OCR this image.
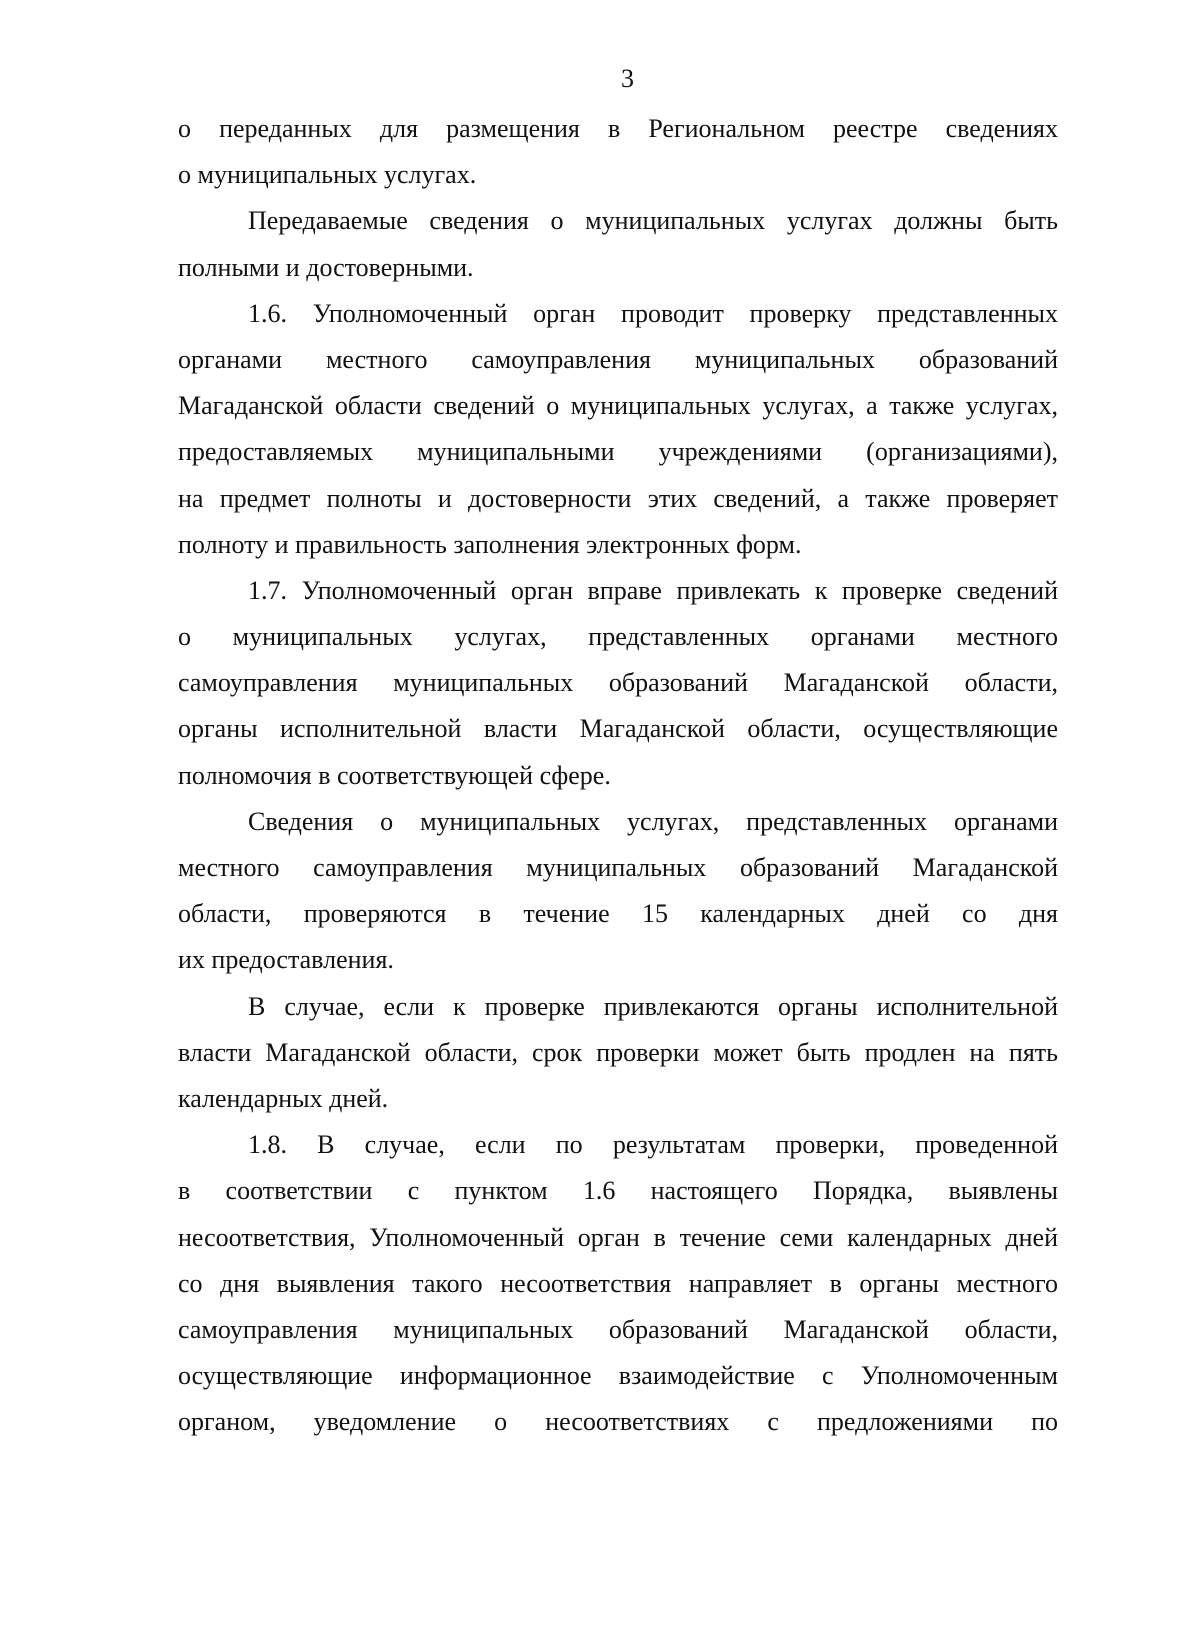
3
о переданных для размещения в Региональном реестре сведениях
о муниципальных услугах.
Передаваемые сведения о муниципальных услугах должны быть
полными и достоверными.
1.6. Уполномоченный орган проводит проверку представленных
органами местного самоуправления муниципальных образований
Магаданской области сведений о муниципальных услугах, а также услугах,
предоставляемых муниципальными учреждениями (организациями),
на предмет полноты и достоверности этих сведений, а также проверяет
полноту и правильность заполнения электронных форм.
1.7. Уполномоченный орган вправе привлекать к проверке сведений
о муниципальных услугах, представленных органами местного
самоуправления муниципальных образований Магаданской области,
органы исполнительной власти Магаданской области, осуществляющие
полномочия в соответствующей сфере.
Сведения о муниципальных услугах, представленных органами
местного самоуправления муниципальных образований Магаданской
области, проверяются в течение 15 календарных дней со дня
их предоставления.
В случае, если к проверке привлекаются органы исполнительной
власти Магаданской области, срок проверки может быть продлен на пять
календарных дней.
1.8. В случае, если по результатам проверки, проведенной
в соответствии с пунктом 1.6 настоящего Порядка, выявлены
несоответствия, Уполномоченный орган в течение семи календарных дней
со дня выявления такого несоответствия направляет в органы местного
самоуправления муниципальных образований Магаданской области,
осуществляющие информационное взаимодействие с Уполномоченным
органом, уведомление о несоответствиях с предложениями по
